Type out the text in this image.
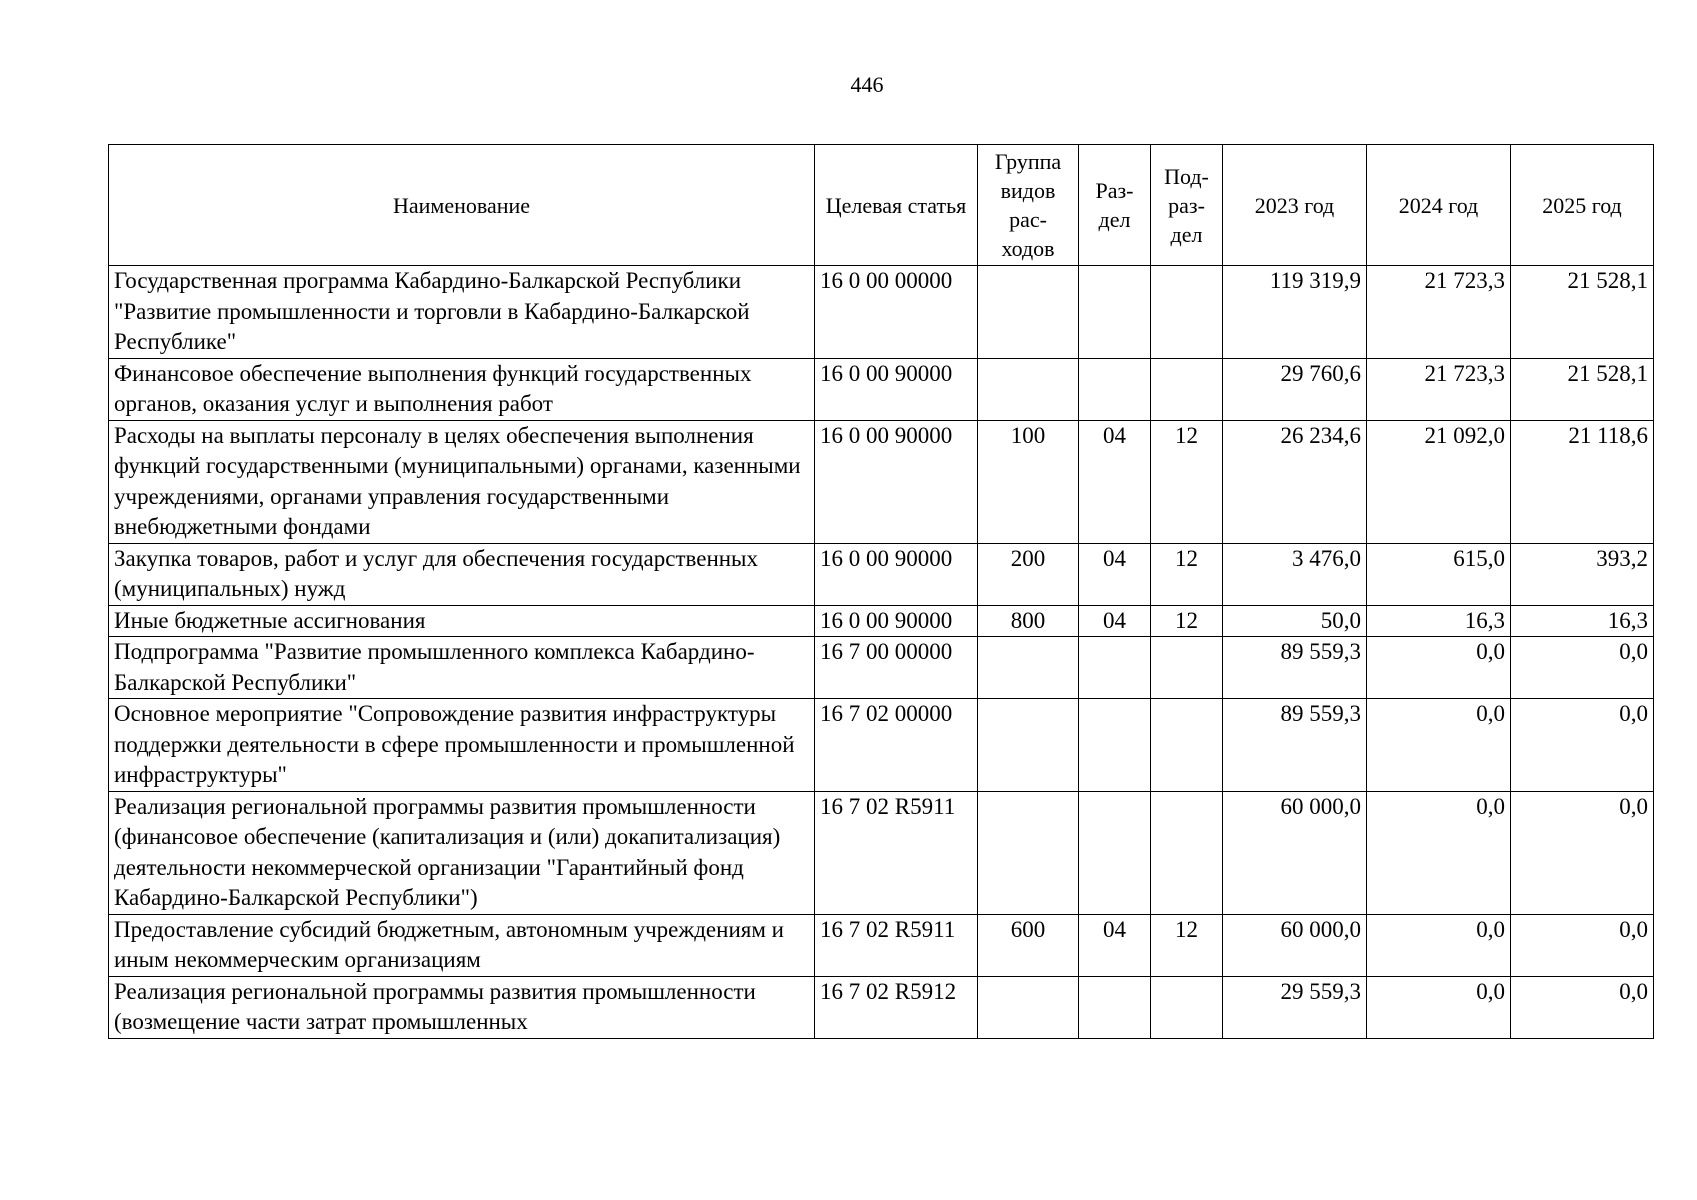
446
Наименование	Целевая статья	Группа видов рас- ходов	Раз- дел	Под- раз- дел	2023 год	2024 год	2025 год
Государственная программа Кабардино-Балкарской Республики "Развитие промышленности и торговли в Кабардино-Балкарской Республике"	16 0 00 00000				119 319,9	21 723,3	21 528,1
Финансовое обеспечение выполнения функций государственных органов, оказания услуг и выполнения работ	16 0 00 90000				29 760,6	21 723,3	21 528,1
Расходы на выплаты персоналу в целях обеспечения выполнения функций государственными (муниципальными) органами, казенными учреждениями, органами управления государственными внебюджетными фондами	16 0 00 90000	100	04	12	26 234,6	21 092,0	21 118,6
Закупка товаров, работ и услуг для обеспечения государственных (муниципальных) нужд	16 0 00 90000	200	04	12	3 476,0	615,0	393,2
Иные бюджетные ассигнования	16 0 00 90000	800	04	12	50,0	16,3	16,3
Подпрограмма "Развитие промышленного комплекса Кабардино-Балкарской Республики"	16 7 00 00000				89 559,3	0,0	0,0
Основное мероприятие "Сопровождение развития инфраструктуры поддержки деятельности в сфере промышленности и промышленной инфраструктуры"	16 7 02 00000				89 559,3	0,0	0,0
Реализация региональной программы развития промышленности (финансовое обеспечение (капитализация и (или) докапитализация) деятельности некоммерческой организации "Гарантийный фонд Кабардино-Балкарской Республики")	16 7 02 R5911				60 000,0	0,0	0,0
Предоставление субсидий бюджетным, автономным учреждениям и иным некоммерческим организациям	16 7 02 R5911	600	04	12	60 000,0	0,0	0,0
Реализация региональной программы развития промышленности (возмещение части затрат промышленных	16 7 02 R5912				29 559,3	0,0	0,0
